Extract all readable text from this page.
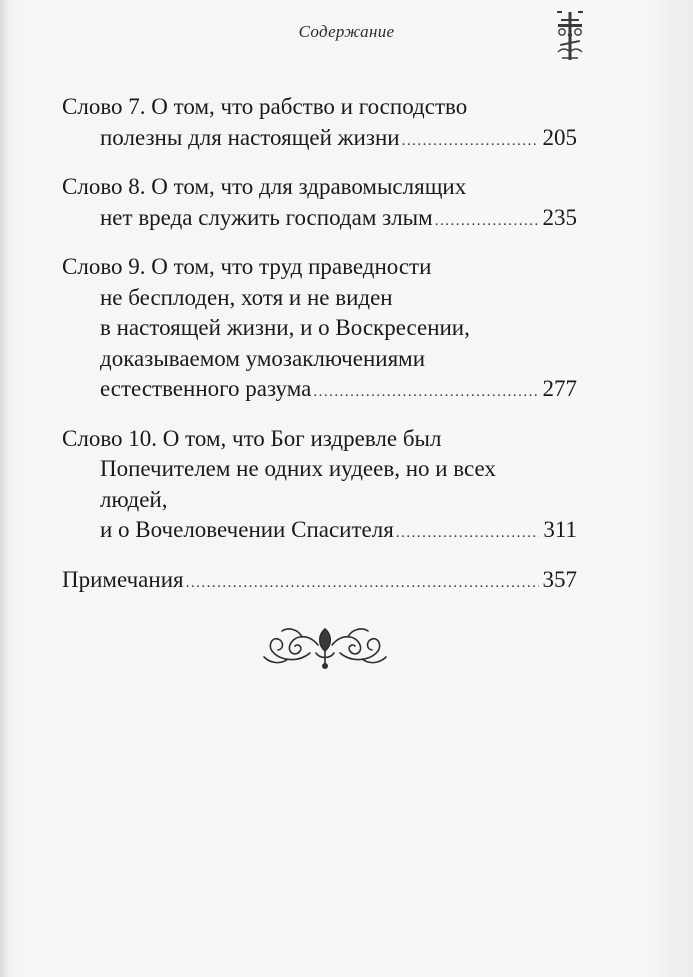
Содержание
Слово 7. О том, что рабство и господство
полезны для настоящей жизни .....	205
Слово 8. О том, что для здравомыслящих
нет вреда служить господам злым .....	235
Слово 9. О том, что труд праведности
не бесплоден, хотя и не виден
в настоящей жизни, и о Воскресении,
доказываемом умозаключениями
естественного разума .....	277
Слово 10. О том, что Бог издревле был
Попечителем не одних иудеев, но и всех
людей,
и о Вочеловечении Спасителя .....	311
Примечания .....	357
